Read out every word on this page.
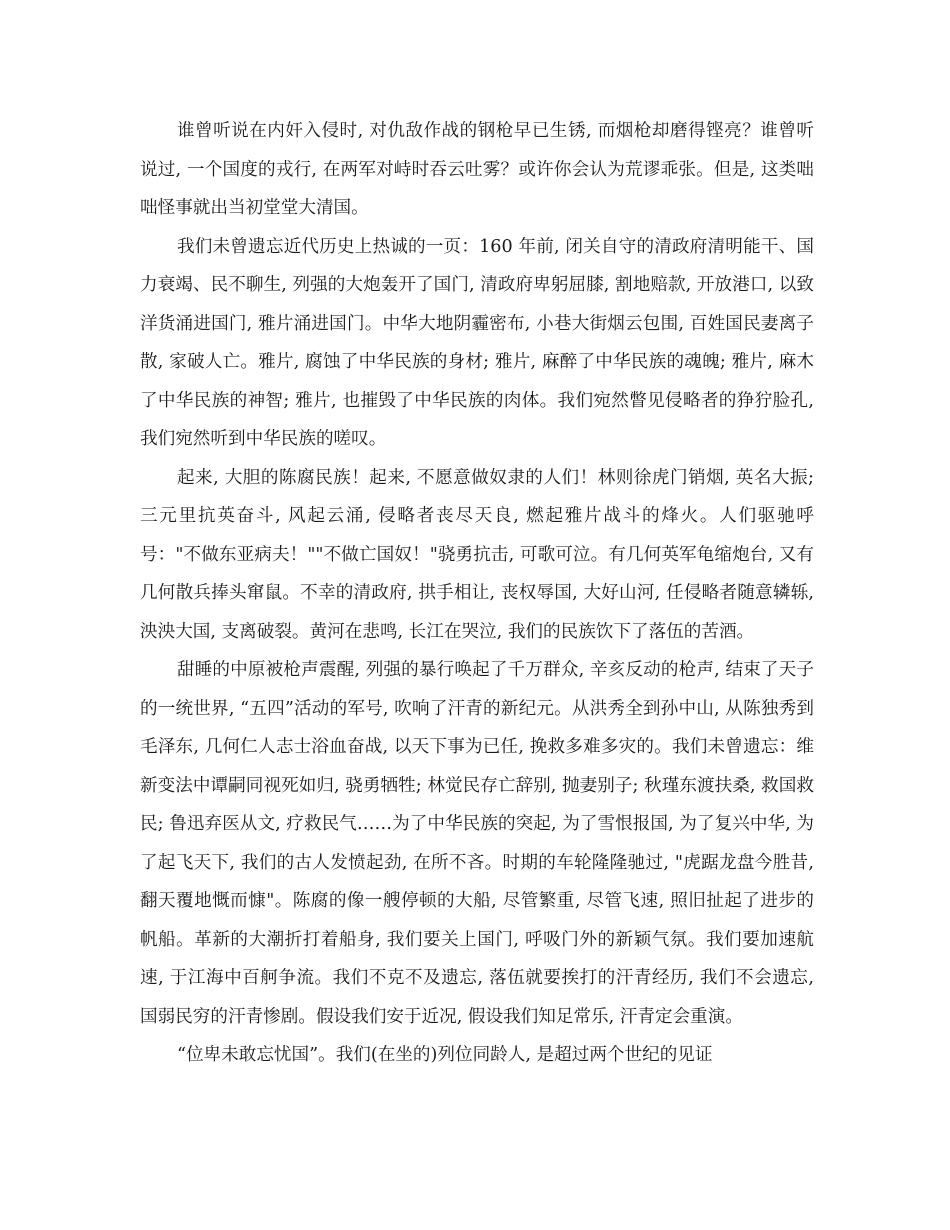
谁曾听说在内奸入侵时, 对仇敌作战的钢枪早已生锈, 而烟枪却磨得铿亮？谁曾听说过, 一个国度的戎行, 在两军对峙时吞云吐雾？或许你会认为荒谬乖张。但是, 这类咄咄怪事就出当初堂堂大清国。

我们未曾遗忘近代历史上热诚的一页：160 年前, 闭关自守的清政府清明能干、国力衰竭、民不聊生, 列强的大炮轰开了国门, 清政府卑躬屈膝, 割地赔款, 开放港口, 以致洋货涌进国门, 雅片涌进国门。中华大地阴霾密布, 小巷大街烟云包围, 百姓国民妻离子散, 家破人亡。雅片, 腐蚀了中华民族的身材; 雅片, 麻醉了中华民族的魂魄; 雅片, 麻木了中华民族的神智; 雅片, 也摧毁了中华民族的肉体。我们宛然瞥见侵略者的狰狞脸孔, 我们宛然听到中华民族的嗟叹。

起来, 大胆的陈腐民族！起来, 不愿意做奴隶的人们！林则徐虎门销烟, 英名大振; 三元里抗英奋斗, 风起云涌, 侵略者丧尽天良, 燃起雅片战斗的烽火。人们驱驰呼号："不做东亚病夫！""不做亡国奴！"骁勇抗击, 可歌可泣。有几何英军龟缩炮台, 又有几何散兵捧头窜鼠。不幸的清政府, 拱手相让, 丧权辱国, 大好山河, 任侵略者随意辚轹, 泱泱大国, 支离破裂。黄河在悲鸣, 长江在哭泣, 我们的民族饮下了落伍的苦酒。

甜睡的中原被枪声震醒, 列强的暴行唤起了千万群众, 辛亥反动的枪声, 结束了天子的一统世界, “五四”活动的军号, 吹响了汗青的新纪元。从洪秀全到孙中山, 从陈独秀到毛泽东, 几何仁人志士浴血奋战, 以天下事为已任, 挽救多难多灾的。我们未曾遗忘：维新变法中谭嗣同视死如归, 骁勇牺牲; 林觉民存亡辞别, 抛妻别子; 秋瑾东渡扶桑, 救国救民; 鲁迅弃医从文, 疗救民气……为了中华民族的突起, 为了雪恨报国, 为了复兴中华, 为了起飞天下, 我们的古人发愤起劲, 在所不吝。时期的车轮隆隆驰过, "虎踞龙盘今胜昔, 翻天覆地慨而慷"。陈腐的像一艘停顿的大船, 尽管繁重, 尽管飞速, 照旧扯起了进步的帆船。革新的大潮折打着船身, 我们要关上国门, 呼吸门外的新颖气氛。我们要加速航速, 于江海中百舸争流。我们不克不及遗忘, 落伍就要挨打的汗青经历, 我们不会遗忘, 国弱民穷的汗青惨剧。假设我们安于近况, 假设我们知足常乐, 汗青定会重演。

“位卑未敢忘忧国”。我们(在坐的)列位同龄人, 是超过两个世纪的见证
